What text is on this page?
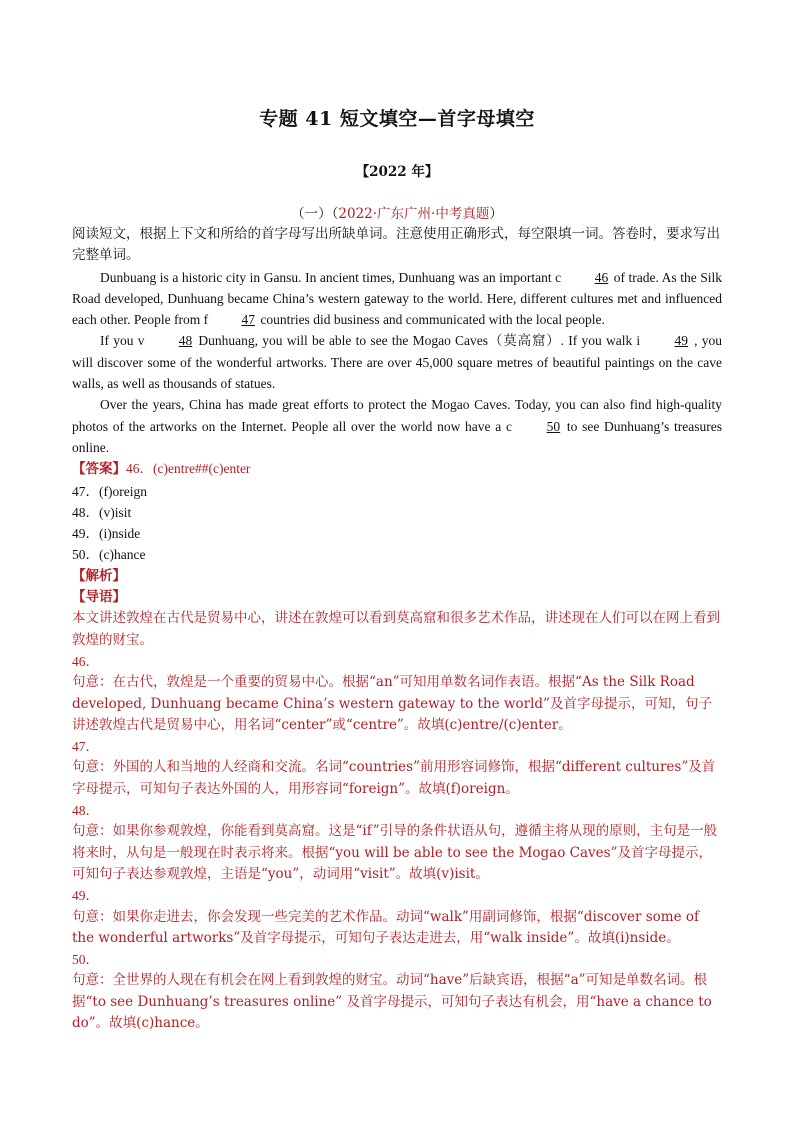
专题 41 短文填空—首字母填空
【2022 年】
（一）（2022·广东广州·中考真题）

阅读短文，根据上下文和所给的首字母写出所缺单词。注意使用正确形式，每空限填一词。答卷时，要求写出完整单词。

Dunbuang is a historic city in Gansu. In ancient times, Dunhuang was an important c 46 of trade. As the Silk Road developed, Dunhuang became China’s western gateway to the world. Here, different cultures met and influenced each other. People from f 47 countries did business and communicated with the local people.

If you v	48 Dunhuang, you will be able to see the Mogao Caves（莫高窟）. If you walk i	49 , you will discover some of the wonderful artworks. There are over 45,000 square metres of beautiful paintings on the cave walls, as well as thousands of statues.

Over the years, China has made great efforts to protect the Mogao Caves. Today, you can also find high-quality photos of the artworks on the Internet. People all over the world now have a c	50 to see Dunhuang’s treasures online.

【答案】46．(c)entre##(c)enter

47．(f)oreign

48．(v)isit

49．(i)nside

50．(c)hance

【解析】

【导语】

本文讲述敦煌在古代是贸易中心，讲述在敦煌可以看到莫高窟和很多艺术作品，讲述现在人们可以在网上看到敦煌的财宝。

46．

句意：在古代，敦煌是一个重要的贸易中心。根据“an”可知用单数名词作表语。根据“As the Silk Road developed, Dunhuang became China’s western gateway to the world”及首字母提示，可知，句子讲述敦煌古代是贸易中心，用名词“center”或“centre”。故填(c)entre/(c)enter。

47．

句意：外国的人和当地的人经商和交流。名词“countries”前用形容词修饰，根据“different cultures”及首字母提示，可知句子表达外国的人，用形容词“foreign”。故填(f)oreign。

48．

句意：如果你参观敦煌，你能看到莫高窟。这是“if”引导的条件状语从句，遵循主将从现的原则，主句是一般将来时，从句是一般现在时表示将来。根据“you will be able to see the Mogao Caves”及首字母提示，可知句子表达参观敦煌，主语是“you”，动词用“visit”。故填(v)isit。

49．

句意：如果你走进去，你会发现一些完美的艺术作品。动词“walk”用副词修饰，根据“discover some of the wonderful artworks”及首字母提示，可知句子表达走进去，用“walk inside”。故填(i)nside。

50．

句意：全世界的人现在有机会在网上看到敦煌的财宝。动词“have”后缺宾语，根据“a”可知是单数名词。根据“to see Dunhuang’s treasures online” 及首字母提示，可知句子表达有机会，用“have a chance to do”。故填(c)hance。
